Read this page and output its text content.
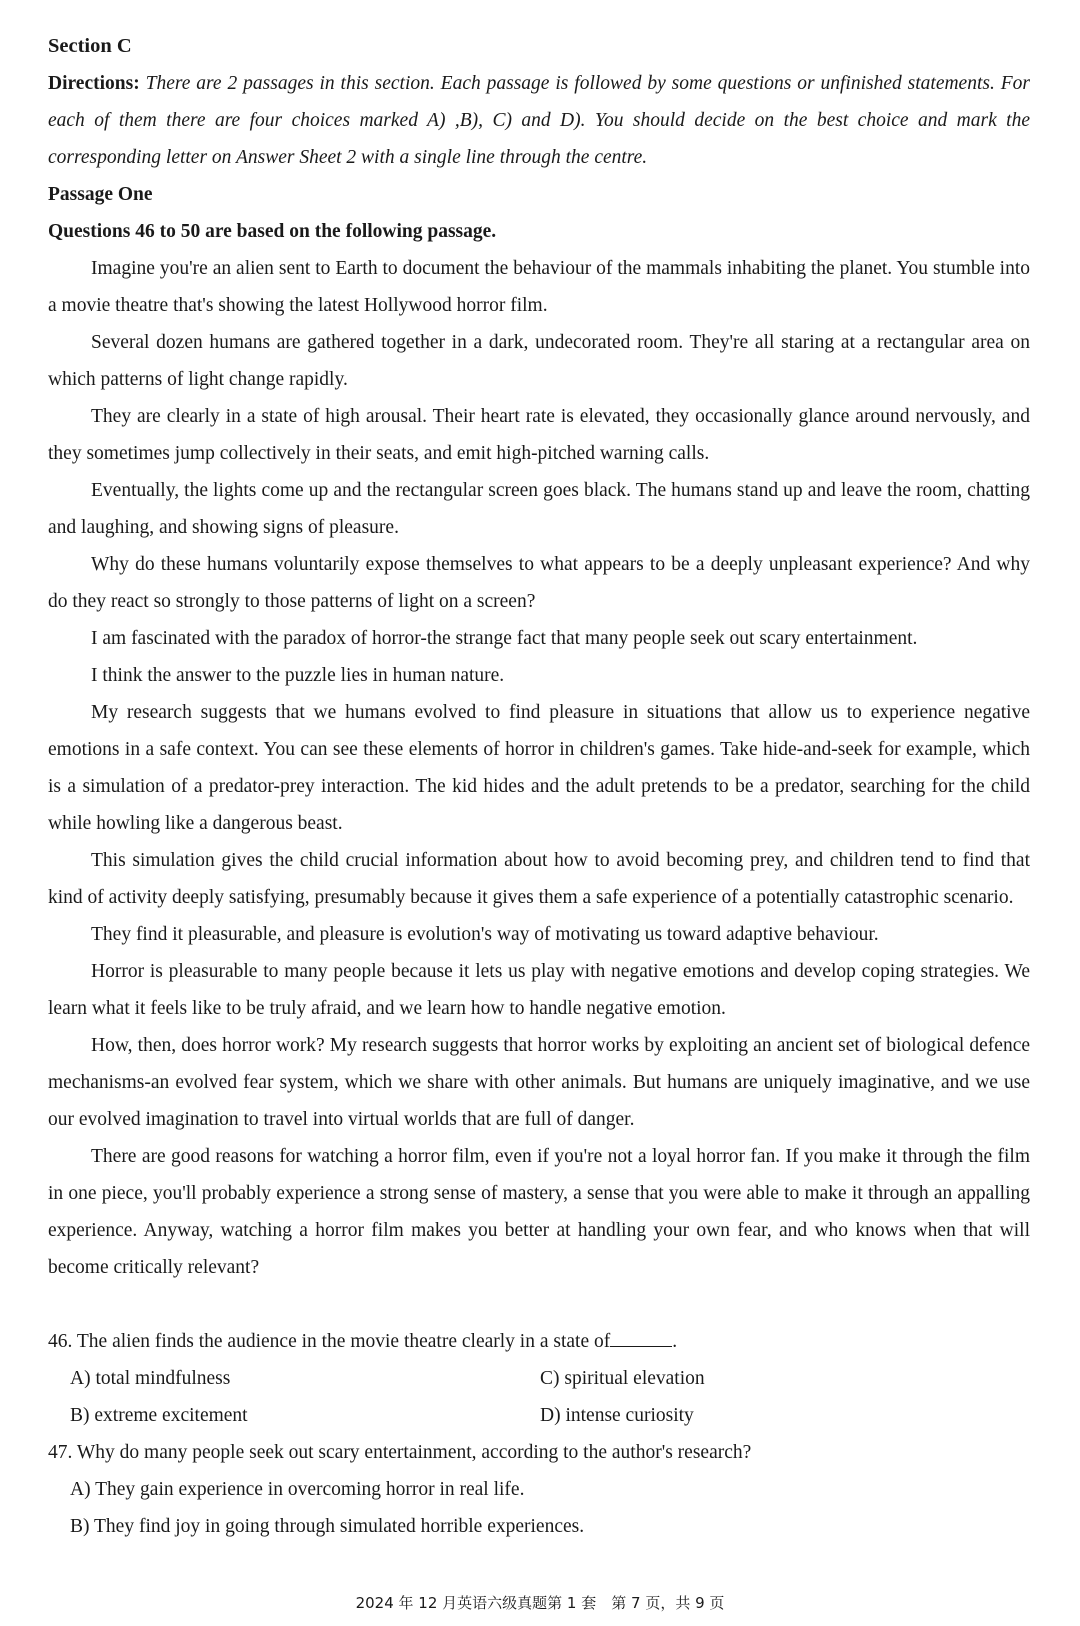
Section C

Directions: There are 2 passages in this section. Each passage is followed by some questions or unfinished statements. For each of them there are four choices marked A) ,B), C) and D). You should decide on the best choice and mark the corresponding letter on Answer Sheet 2 with a single line through the centre.

Passage One

Questions 46 to 50 are based on the following passage.

Imagine you're an alien sent to Earth to document the behaviour of the mammals inhabiting the planet. You stumble into a movie theatre that's showing the latest Hollywood horror film.

Several dozen humans are gathered together in a dark, undecorated room. They're all staring at a rectangular area on which patterns of light change rapidly.

They are clearly in a state of high arousal. Their heart rate is elevated, they occasionally glance around nervously, and they sometimes jump collectively in their seats, and emit high-pitched warning calls.

Eventually, the lights come up and the rectangular screen goes black. The humans stand up and leave the room, chatting and laughing, and showing signs of pleasure.

Why do these humans voluntarily expose themselves to what appears to be a deeply unpleasant experience? And why do they react so strongly to those patterns of light on a screen?

I am fascinated with the paradox of horror-the strange fact that many people seek out scary entertainment.

I think the answer to the puzzle lies in human nature.

My research suggests that we humans evolved to find pleasure in situations that allow us to experience negative emotions in a safe context. You can see these elements of horror in children's games. Take hide-and-seek for example, which is a simulation of a predator-prey interaction. The kid hides and the adult pretends to be a predator, searching for the child while howling like a dangerous beast.

This simulation gives the child crucial information about how to avoid becoming prey, and children tend to find that kind of activity deeply satisfying, presumably because it gives them a safe experience of a potentially catastrophic scenario.

They find it pleasurable, and pleasure is evolution's way of motivating us toward adaptive behaviour.

Horror is pleasurable to many people because it lets us play with negative emotions and develop coping strategies. We learn what it feels like to be truly afraid, and we learn how to handle negative emotion.

How, then, does horror work? My research suggests that horror works by exploiting an ancient set of biological defence mechanisms-an evolved fear system, which we share with other animals. But humans are uniquely imaginative, and we use our evolved imagination to travel into virtual worlds that are full of danger.

There are good reasons for watching a horror film, even if you're not a loyal horror fan. If you make it through the film in one piece, you'll probably experience a strong sense of mastery, a sense that you were able to make it through an appalling experience. Anyway, watching a horror film makes you better at handling your own fear, and who knows when that will become critically relevant?

46. The alien finds the audience in the movie theatre clearly in a state of	.

A) total mindfulness	C) spiritual elevation
B) extreme excitement	D) intense curiosity

47. Why do many people seek out scary entertainment, according to the author's research?

A) They gain experience in overcoming horror in real life.

B) They find joy in going through simulated horrible experiences.

2024 年 12 月英语六级真题第 1 套　第 7 页，共 9 页
